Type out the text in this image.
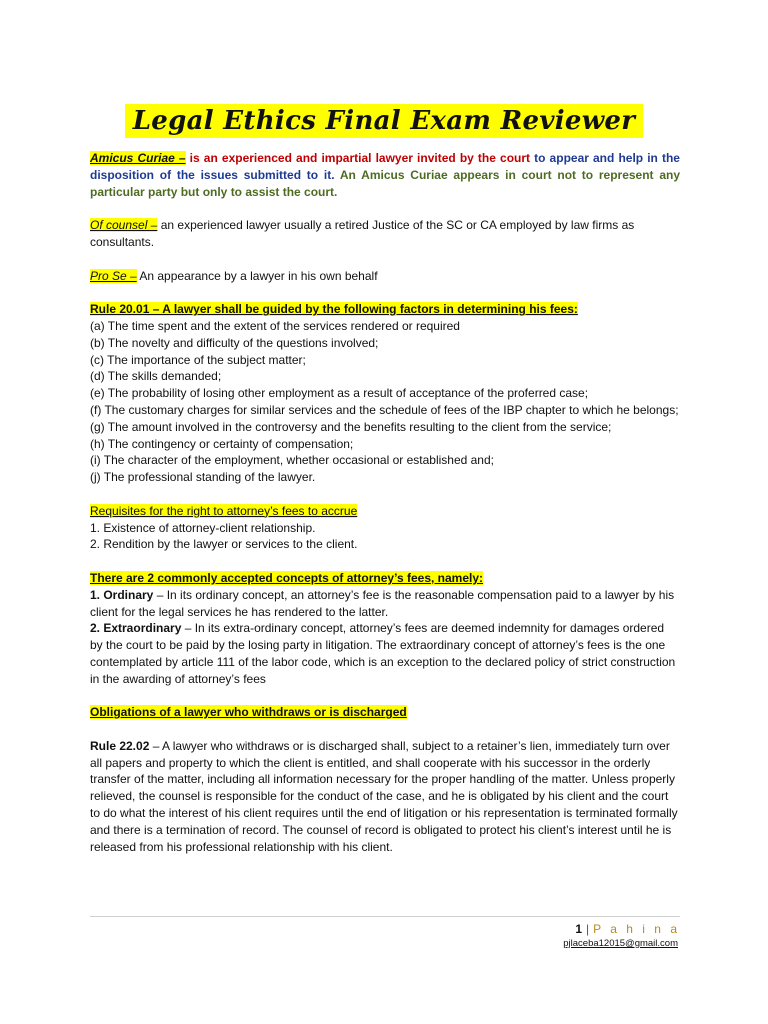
Legal Ethics Final Exam Reviewer

Amicus Curiae – is an experienced and impartial lawyer invited by the court to appear and help in the disposition of the issues submitted to it. An Amicus Curiae appears in court not to represent any particular party but only to assist the court.

Of counsel – an experienced lawyer usually a retired Justice of the SC or CA employed by law firms as consultants.

Pro Se – An appearance by a lawyer in his own behalf

Rule 20.01 – A lawyer shall be guided by the following factors in determining his fees:

(a) The time spent and the extent of the services rendered or required

(b) The novelty and difficulty of the questions involved;

(c) The importance of the subject matter;

(d) The skills demanded;

(e) The probability of losing other employment as a result of acceptance of the proferred case;

(f) The customary charges for similar services and the schedule of fees of the IBP chapter to which he belongs;

(g) The amount involved in the controversy and the benefits resulting to the client from the service;

(h) The contingency or certainty of compensation;

(i) The character of the employment, whether occasional or established and;

(j) The professional standing of the lawyer.

Requisites for the right to attorney’s fees to accrue

1. Existence of attorney-client relationship.

2. Rendition by the lawyer or services to the client.

There are 2 commonly accepted concepts of attorney’s fees, namely:

1. Ordinary – In its ordinary concept, an attorney’s fee is the reasonable compensation paid to a lawyer by his client for the legal services he has rendered to the latter.

2. Extraordinary – In its extra-ordinary concept, attorney’s fees are deemed indemnity for damages ordered by the court to be paid by the losing party in litigation. The extraordinary concept of attorney’s fees is the one contemplated by article 111 of the labor code, which is an exception to the declared policy of strict construction in the awarding of attorney’s fees

Obligations of a lawyer who withdraws or is discharged

Rule 22.02 – A lawyer who withdraws or is discharged shall, subject to a retainer’s lien, immediately turn over all papers and property to which the client is entitled, and shall cooperate with his successor in the orderly transfer of the matter, including all information necessary for the proper handling of the matter. Unless properly relieved, the counsel is responsible for the conduct of the case, and he is obligated by his client and the court to do what the interest of his client requires until the end of litigation or his representation is terminated formally and there is a termination of record. The counsel of record is obligated to protect his client’s interest until he is released from his professional relationship with his client.

1 | P a h i n a
pjlaceba12015@gmail.com
